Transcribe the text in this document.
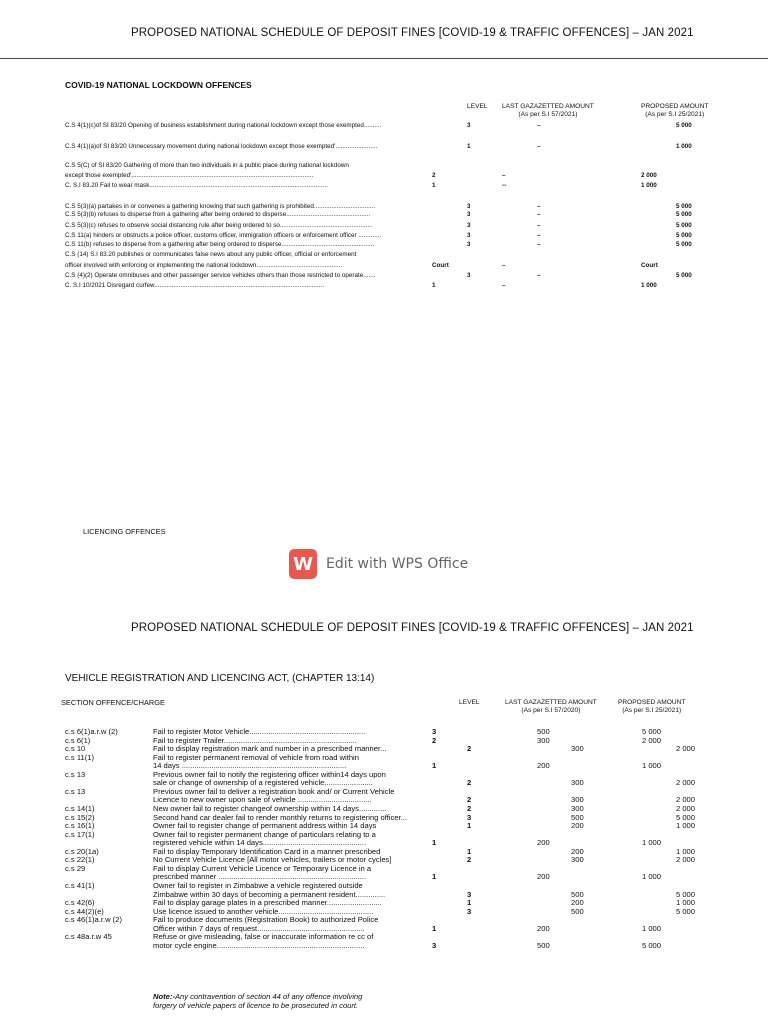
PROPOSED NATIONAL SCHEDULE OF DEPOSIT FINES [COVID-19 & TRAFFIC OFFENCES] – JAN 2021
COVID-19 NATIONAL LOCKDOWN OFFENCES
LEVEL LAST GAZAZETTED AMOUNT
(As per S.I 57/2021)
PROPOSED AMOUNT
(As per S.I 25/2021)
C.S 4(1)(c)of SI 83/20 Opening of business establishment during national lockdown except those exempted..........	3	–	5 000
C.S 4(1)(a)of SI 83/20 Unnecessary movement during national lockdown except those exempted'........................	1	–	1 000
C.S 5(C) of SI 83/20 Gathering of more than two individuals in a public place during national lockdown
except those exempted',.......................................................................................................	2	–	2 000
C. S.I 83.20 Fail to wear mask......................................................................................................	1	--	1 000
C.S 5(3)(a) partakes in or convenes a gathering knowing that such gathering is prohibited...................................	3	–	5 000
C.S 5(3)(b) refuses to disperse from a gathering after being ordered to disperse................................................	3	–	5 000
C.S 5(3)(c) refuses to observe social distancing rule after being ordered to so.....................................................	3	–	5 000
C.S 11(a) hinders or obstructs a police officer, customs officer, immigration officers or enforcement officer .............	3	–	5 000
C.S 11(b) refuses to disperse from a gathering after being ordered to disperse.....................................................	3	–	5 000
C.S (14) S.I 83.20 publishes or communicates false news about any public officer, official or enforcement
officer involved with enforcing or implementing the national lockdown.................................................	Court	–	Court
C.S (4)(2) Operate omnibuses and other passenger service vehicles others than those restricted to operate.......	3	–	5 000
C. S.I 10/2021 Disregard curfew.................................................................................................	1	–	1 000
LICENCING OFFENCES
W Edit with WPS Office
PROPOSED NATIONAL SCHEDULE OF DEPOSIT FINES [COVID-19 & TRAFFIC OFFENCES] – JAN 2021
VEHICLE REGISTRATION AND LICENCING ACT, (CHAPTER 13:14)
SECTION OFFENCE/CHARGE	LEVEL	LAST GAZAZETTED AMOUNT
(As per S.I 57/2020)
PROPOSED AMOUNT
(As per S.I 25/2021)
c.s 6(1)a.r.w (2)	Fail to register Motor Vehicle.......................................................	3	500	5 000
c.s 6(1)	Fail to register Trailer...............................................................	2	300	2 000
c.s 10	Fail to display registration mark and number in a prescribed manner...	2	300	2 000
c.s 11(1)	Fail to register permanent removal of vehicle from road within
14 days ..............................................................................	1	200	1 000
c.s 13	Previous owner fail to notify the registering officer within14 days upon
sale or change of ownership of a registered vehicle.......................	2	300	2 000
c.s 13	Previous owner fail to deliver a registration book and/ or Current Vehicle
Licence to new owner upon sale of vehicle ...................................	2	300	2 000
c.s 14(1)	New owner fail to register changeof ownership within 14 days.............	2	300	2 000
c.s 15(2)	Second hand car dealer fail to render monthly returns to registering officer...	3	500	5 000
c.s 16(1)	Owner fail to register change of permanent address within 14 days	1	200	1 000
c.s 17(1)	Owner fail to register permanent change of particulars relating to a
registered vehicle within 14 days.................................................	1	200	1 000
c.s 20(1a)	Fail to display Temporary Identification Card in a manner prescribed	1	200	1 000
c.s 22(1)	No Current Vehicle Licence [All motor vehicles, trailers or motor cycles]	2	300	2 000
c.s 29	Fail to display Current Vehicle Licence or Temporary Licence in a
prescribed manner ......................................................................	1	200	1 000
c.s 41(1)	Owner fail to register in Zimbabwe a vehicle registered outside
Zimbabwe within 30 days of becoming a permanent resident..............	3	500	5 000
c.s 42(6)	Fail to display garage plates in a prescribed manner..........................	1	200	1 000
c.s 44(2)(e)	Use licence issued to another vehicle.............................................	3	500	5 000
c.s 46(1)a.r.w (2)	Fail to produce documents (Registration Book) to authorized Police
Officer within 7 days of request...................................................	1	200	1 000
c.s 48a.r.w 45	Refuse or give misleading, false or inaccurate information re cc of
motor cycle engine......................................................................	3	500	5 000
Note:-Any contravention of section 44 of any offence involving
forgery of vehicle papers of licence to be prosecuted in court.
